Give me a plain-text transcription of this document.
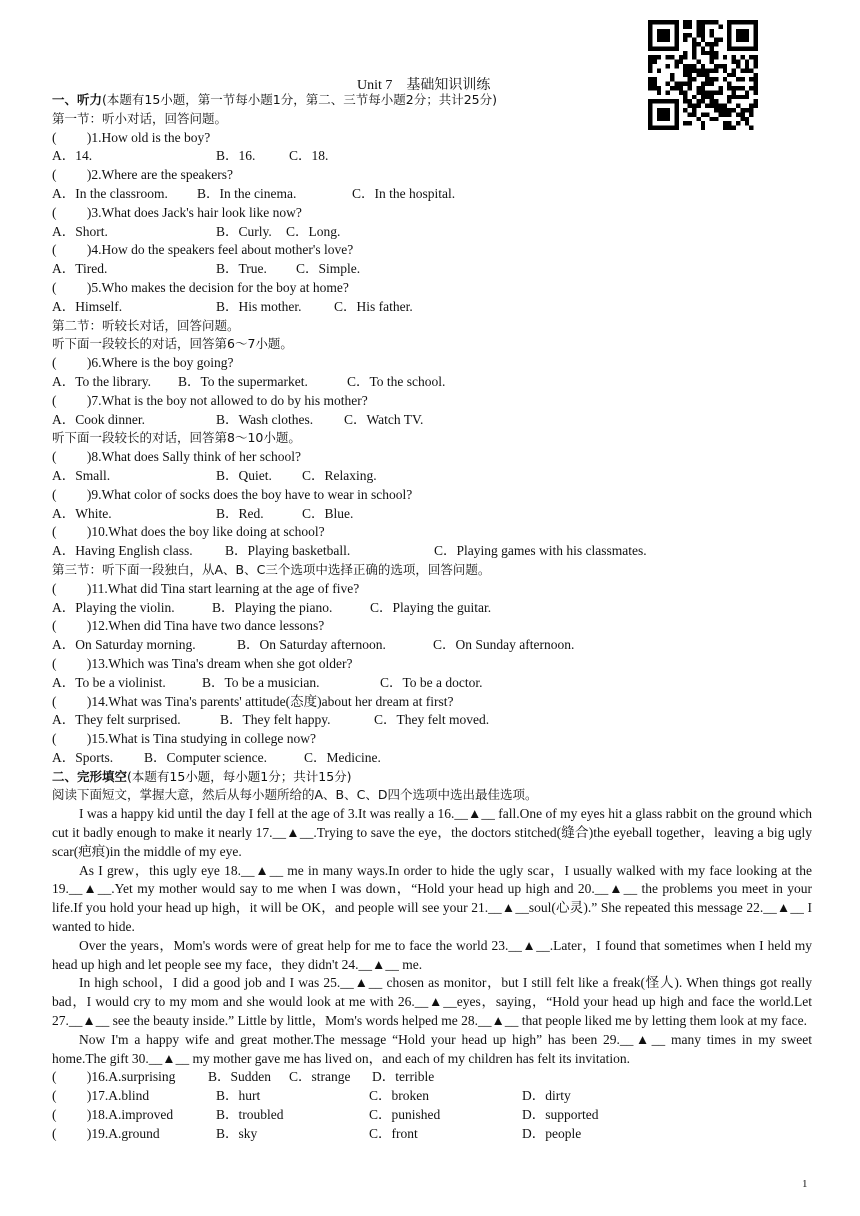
Unit 7　基础知识训练
一、听力(本题有15小题，第一节每小题1分，第二、三节每小题2分；共计25分)
第一节：听小对话，回答问题。
(　　 )1.How old is the boy?
A．14.	B．16.	C．18.
(　　 )2.Where are the speakers?
A．In the classroom.	B．In the cinema.	C．In the hospital.
(　　 )3.What does Jack's hair look like now?
A．Short.	B．Curly.	C．Long.
(　　 )4.How do the speakers feel about mother's love?
A．Tired.	B．True.	C．Simple.
(　　 )5.Who makes the decision for the boy at home?
A．Himself.	B．His mother.	C．His father.
第二节：听较长对话，回答问题。
听下面一段较长的对话，回答第6～7小题。
(　　 )6.Where is the boy going?
A．To the library.	B．To the supermarket.	C．To the school.
(　　 )7.What is the boy not allowed to do by his mother?
A．Cook dinner.	B．Wash clothes.	C．Watch TV.
听下面一段较长的对话，回答第8～10小题。
(　　 )8.What does Sally think of her school?
A．Small.	B．Quiet.	C．Relaxing.
(　　 )9.What color of socks does the boy have to wear in school?
A．White.	B．Red.	C．Blue.
(　　 )10.What does the boy like doing at school?
A．Having English class.	B．Playing basketball.	C．Playing games with his classmates.
第三节：听下面一段独白，从A、B、C三个选项中选择正确的选项，回答问题。
(　　 )11.What did Tina start learning at the age of five?
A．Playing the violin.	B．Playing the piano.	C．Playing the guitar.
(　　 )12.When did Tina have two dance lessons?
A．On Saturday morning.	B．On Saturday afternoon.	C．On Sunday afternoon.
(　　 )13.Which was Tina's dream when she got older?
A．To be a violinist.	B．To be a musician.	C．To be a doctor.
(　　 )14.What was Tina's parents' attitude(态度)about her dream at first?
A．They felt surprised.	B．They felt happy.	C．They felt moved.
(　　 )15.What is Tina studying in college now?
A．Sports.	B．Computer science.	C．Medicine.
二、完形填空(本题有15小题，每小题1分；共计15分)
阅读下面短文，掌握大意，然后从每小题所给的A、B、C、D四个选项中选出最佳选项。
I was a happy kid until the day I fell at the age of 3.It was really a 16.__▲__ fall.One of my eyes hit a glass rabbit on the ground which cut it badly enough to make it nearly 17.__▲__.Trying to save the eye，the doctors stitched(缝合)the eyeball together，leaving a big ugly scar(疤痕)in the middle of my eye.
As I grew，this ugly eye 18.__▲__ me in many ways.In order to hide the ugly scar，I usually walked with my face looking at the 19.__▲__.Yet my mother would say to me when I was down，“Hold your head up high and 20.__▲__ the problems you meet in your life.If you hold your head up high，it will be OK，and people will see your 21.__▲__soul(心灵).” She repeated this message 22.__▲__ I wanted to hide.
Over the years，Mom's words were of great help for me to face the world 23.__▲__.Later，I found that sometimes when I held my head up high and let people see my face，they didn't 24.__▲__ me.
In high school，I did a good job and I was 25.__▲__ chosen as monitor，but I still felt like a freak(怪人). When things got really bad，I would cry to my mom and she would look at me with 26.__▲__eyes，saying，“Hold your head up high and face the world.Let 27.__▲__ see the beauty inside.” Little by little，Mom's words helped me 28.__▲__ that people liked me by letting them look at my face.
Now I'm a happy wife and great mother.The message “Hold your head up high” has been 29.__▲__ many times in my sweet home.The gift 30.__▲__ my mother gave me has lived on，and each of my children has felt its invitation.
(　　 )16.A.surprising	B．Sudden	C．strange	D．terrible
(　　 )17.A.blind	B．hurt	C．broken	D．dirty
(　　 )18.A.improved	B．troubled	C．punished	D．supported
(　　 )19.A.ground	B．sky	C．front	D．people
1
